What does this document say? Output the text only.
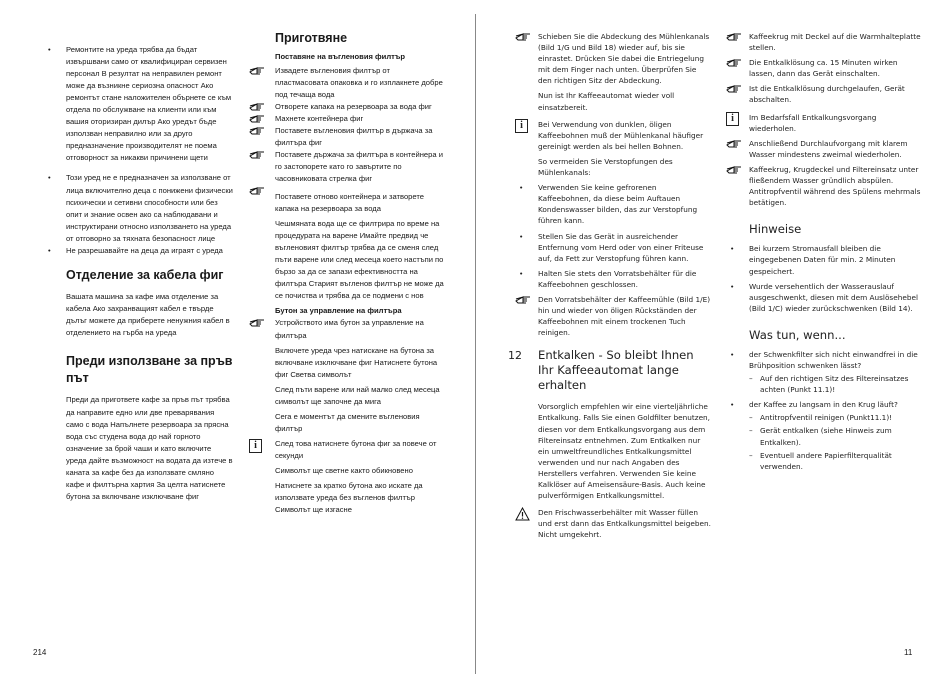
• Ремонтите на уреда трябва да бъдат извършвани само от квалифициран сервизен персонал В резултат на неправилен ремонт може да възникне сериозна опасност Ако ремонтът стане наложителен обърнете се към отдела по обслужване на клиенти или към вашия оторизиран дилър Ако уредът бъде използван неправилно или за друго предназначение производителят не поема отговорност за никакви причинени щети
• Този уред не е предназначен за използване от лица включително деца с понижени физически психически и сетивни способности или без опит и знание освен ако са наблюдавани и инструктирани относно използването на уреда от отговорно за тяхната безопасност лице
• Не разрешавайте на деца да играят с уреда
Отделение за кабела фиг
Вашата машина за кафе има отделение за кабела Ако захранващият кабел е твърде дълъг можете да приберете ненужния кабел в отделението на гърба на уреда
Преди използване за пръв път
Преди да пригответе кафе за пръв път трябва да направите едно или две преварявания само с вода Напълнете резервоара за прясна вода със студена вода до най горното означение за брой чаши и като включите уреда дайте възможност на водата да изтече в каната за кафе без да използвате смляно кафе и филтърна хартия За целта натиснете бутона за включване изключване фиг
Приготвяне
Поставяне на въгленовия филтър
Извадете въгленовия филтър от пластмасовата опаковка и го изплакнете добре под течаща вода
Отворете капака на резервоара за вода фиг
Махнете контейнера фиг
Поставете въгленовия филтър в държача за филтъра фиг
Поставете държача за филтъра в контейнера и го застопорете като го завъртите по часовниковата стрелка фиг
Поставете отново контейнера и затворете капака на резервоара за вода
Чешмяната вода ще се филтрира по време на процедурата на варене Имайте предвид че въгленовият филтър трябва да се сменя след пъти варене или след месеца което настъпи по бързо за да се запази ефективността на филтъра Старият въгленов филтър не може да се почиства и трябва да се подмени с нов
Бутон за управление на филтъра
Устройството има бутон за управление на филтъра
Включете уреда чрез натискане на бутона за включване изключване фиг Натиснете бутона фиг Светва символът
След пъти варене или най малко след месеца символът ще започне да мига
Сега е моментът да смените въгленовия филтър
i	След това натиснете бутона фиг за повече от секунди
Символът ще светне както обикновено
Натиснете за кратко бутона ако искате да използвате уреда без въгленов филтър Символът ще изгасне
214
Schieben Sie die Abdeckung des Mühlenkanals (Bild 1/G und Bild 18) wieder auf, bis sie einrastet. Drücken Sie dabei die Entriegelung mit dem Finger nach unten. Überprüfen Sie den richtigen Sitz der Abdeckung.
Nun ist Ihr Kaffeeautomat wieder voll einsatzbereit.
i	Bei Verwendung von dunklen, öligen Kaffeebohnen muß der Mühlenkanal häufiger gereinigt werden als bei hellen Bohnen.
So vermeiden Sie Verstopfungen des Mühlenkanals:
• Verwenden Sie keine gefrorenen Kaffeebohnen, da diese beim Auftauen Kondenswasser bilden, das zur Verstopfung führen kann.
• Stellen Sie das Gerät in ausreichender Entfernung vom Herd oder von einer Friteuse auf, da Fett zur Verstopfung führen kann.
• Halten Sie stets den Vorratsbehälter für die Kaffeebohnen geschlossen.
Den Vorratsbehälter der Kaffeemühle (Bild 1/E) hin und wieder von öligen Rückständen der Kaffeebohnen mit einem trockenen Tuch reinigen.
12 Entkalken - So bleibt Ihnen Ihr Kaffeeautomat lange erhalten
Vorsorglich empfehlen wir eine vierteljährliche Entkalkung. Falls Sie einen Goldfilter benutzen, diesen vor dem Entkalkungsvorgang aus dem Filtereinsatz entnehmen. Zum Entkalken nur ein umweltfreundliches Entkalkungsmittel verwenden und nur nach Angaben des Herstellers verfahren. Verwenden Sie keine Kalklöser auf Ameisensäure-Basis. Auch keine pulverförmigen Entkalkungsmittel.
Den Frischwasserbehälter mit Wasser füllen und erst dann das Entkalkungsmittel beigeben. Nicht umgekehrt.
Kaffeekrug mit Deckel auf die Warmhalteplatte stellen.
Die Entkalklösung ca. 15 Minuten wirken lassen, dann das Gerät einschalten.
Ist die Entkalklösung durchgelaufen, Gerät abschalten.
i	Im Bedarfsfall Entkalkungsvorgang wiederholen.
Anschließend Durchlaufvorgang mit klarem Wasser mindestens zweimal wiederholen.
Kaffeekrug, Krugdeckel und Filtereinsatz unter fließendem Wasser gründlich abspülen. Antitropfventil während des Spülens mehrmals betätigen.
Hinweise
• Bei kurzem Stromausfall bleiben die eingegebenen Daten für min. 2 Minuten gespeichert.
• Wurde versehentlich der Wasserauslauf ausgeschwenkt, diesen mit dem Auslösehebel (Bild 1/C) wieder zurückschwenken (Bild 14).
Was tun, wenn...
• der Schwenkfilter sich nicht einwandfrei in die Brühposition schwenken lässt?
– Auf den richtigen Sitz des Filtereinsatzes achten (Punkt 11.1)!
• der Kaffee zu langsam in den Krug läuft?
– Antitropfventil reinigen (Punkt11.1)!
– Gerät entkalken (siehe Hinweis zum Entkalken).
– Eventuell andere Papierfilterqualität verwenden.
11
